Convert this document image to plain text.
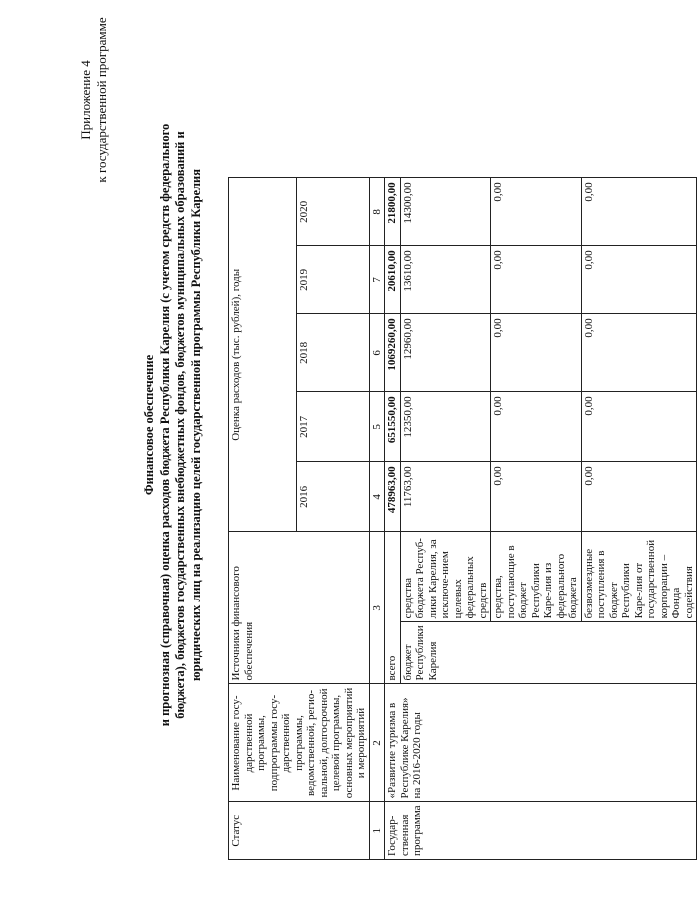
Приложение 4 к государственной программе
Финансовое обеспечение и прогнозная (справочная) оценка расходов бюджета Республики Карелия (с учетом средств федерального бюджета), бюджетов государственных внебюджетных фондов, бюджетов муниципальных образований и юридических лиц на реализацию целей государственной программы Республики Карелия
Статус	Наименование госу-дарственной программы, подпрограммы госу-дарственной программы, ведомственной, регио-нальной, долгосрочной целевой программы, основных мероприятий и мероприятий	Источники финансового обеспечения		Оценка расходов (тыс. рублей), годы				
				2016	2017	2018	2019	2020
1	2	3		4	5	6	7	8
Государ-ственная программа	«Развитие туризма в Республике Карелия» на 2016-2020 годы	всего		478963,00	651550,00	1069260,00	20610,00	21800,00
		бюджет Республики Карелия	средства бюджета Респуб-лики Карелия, за исключе-нием целевых федеральных средств	11763,00	12350,00	12960,00	13610,00	14300,00
			средства, поступающие в бюджет Республики Каре-лия из федерального бюджета	0,00	0,00	0,00	0,00	0,00
			безвозмездные поступления в бюджет Республики Каре-лия от государственной корпорации – Фонда содействия	0,00	0,00	0,00	0,00	0,00
